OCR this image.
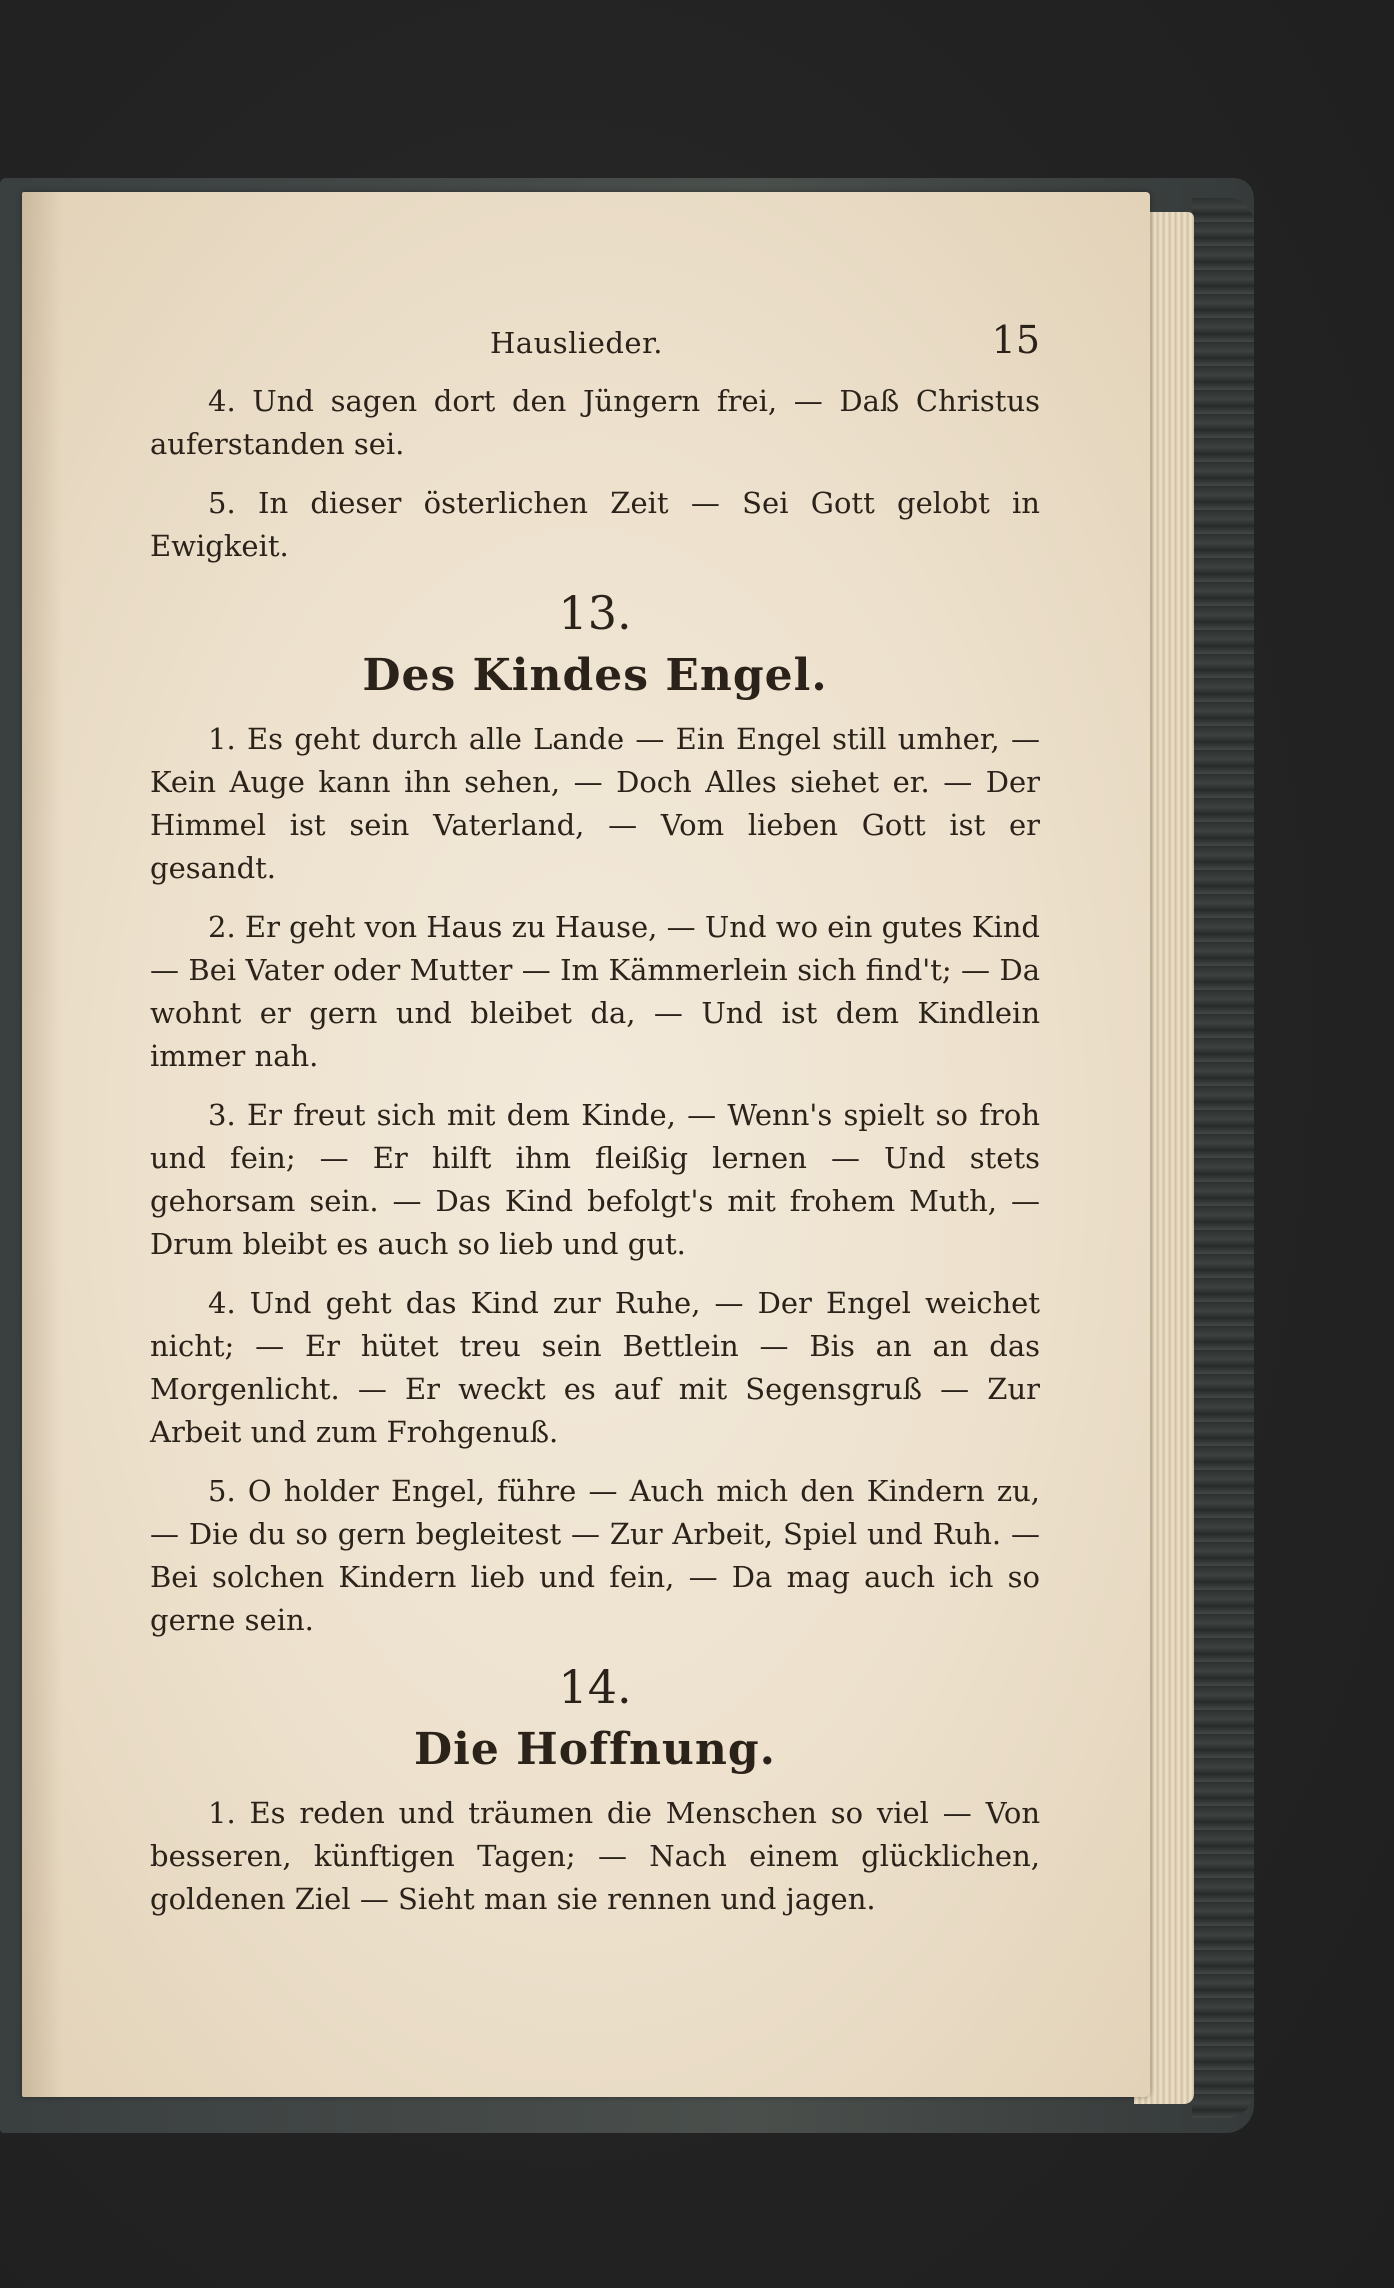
Hauslieder.	15

4. Und sagen dort den Jüngern frei, — Daß Christus auferstanden sei.

5. In dieser österlichen Zeit — Sei Gott gelobt in Ewigkeit.

13.
Des Kindes Engel.

1. Es geht durch alle Lande — Ein Engel still umher, — Kein Auge kann ihn sehen, — Doch Alles siehet er. — Der Himmel ist sein Vaterland, — Vom lieben Gott ist er gesandt.

2. Er geht von Haus zu Hause, — Und wo ein gutes Kind — Bei Vater oder Mutter — Im Kämmerlein sich find't; — Da wohnt er gern und bleibet da, — Und ist dem Kindlein immer nah.

3. Er freut sich mit dem Kinde, — Wenn's spielt so froh und fein; — Er hilft ihm fleißig lernen — Und stets gehorsam sein. — Das Kind befolgt's mit frohem Muth, — Drum bleibt es auch so lieb und gut.

4. Und geht das Kind zur Ruhe, — Der Engel weichet nicht; — Er hütet treu sein Bettlein — Bis an an das Morgenlicht. — Er weckt es auf mit Segensgruß — Zur Arbeit und zum Frohgenuß.

5. O holder Engel, führe — Auch mich den Kindern zu, — Die du so gern begleitest — Zur Arbeit, Spiel und Ruh. — Bei solchen Kindern lieb und fein, — Da mag auch ich so gerne sein.

14.
Die Hoffnung.

1. Es reden und träumen die Menschen so viel — Von besseren, künftigen Tagen; — Nach einem glücklichen, goldenen Ziel — Sieht man sie rennen und jagen.
